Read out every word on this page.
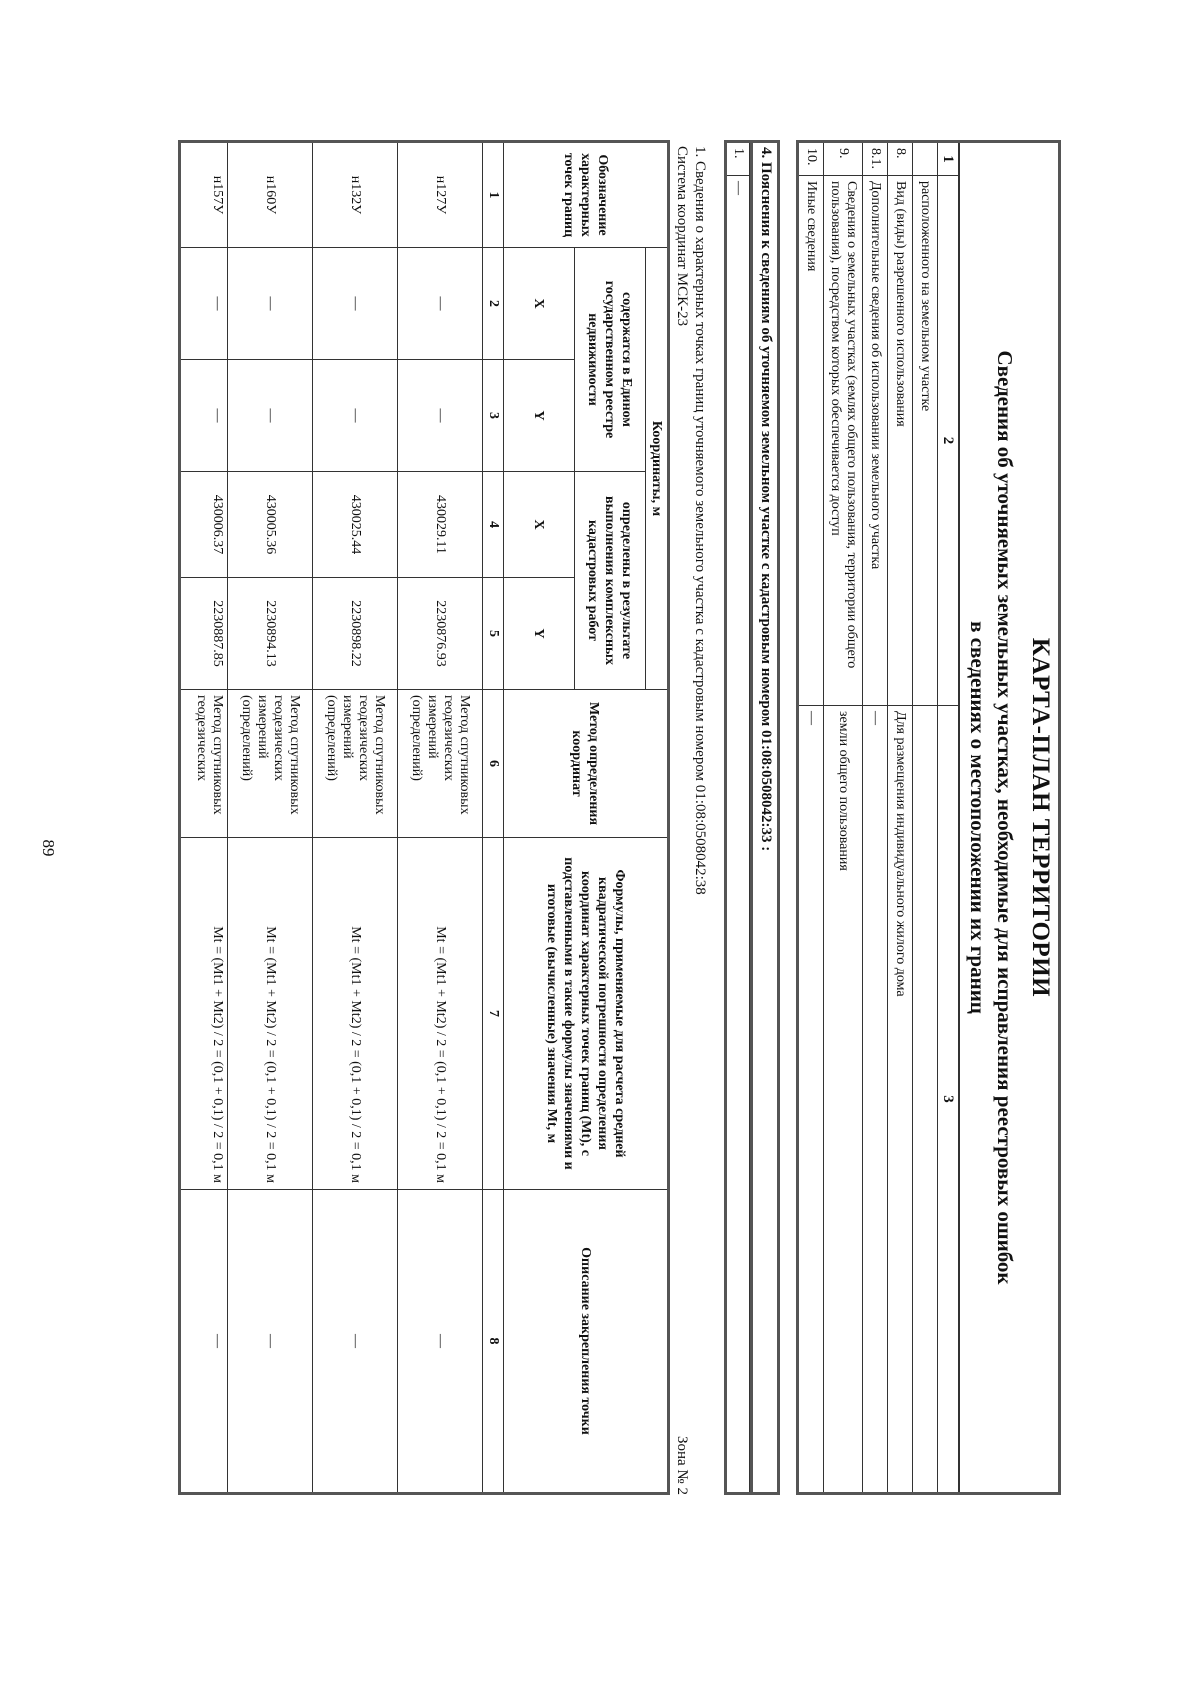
89	КАРТА-ПЛАН ТЕРРИТОРИИ

Сведения об уточняемых земельных участках, необходимые для исправления реестровых ошибок
в сведениях о местоположении их границ
1	2	3
	расположенного на земельном участке	
8.	Вид (виды) разрешенного использования	Для размещения индивидуального жилого дома
8.1.	Дополнительные сведения об использовании земельного участка	—
9.	Сведения о земельных участках (землях общего пользования, территории общего пользования), посредством которых обеспечивается доступ	земли общего пользования
10.	Иные сведения	—
4. Пояснения к сведениям об уточняемом земельном участке с кадастровым номером 01:08:0508042:33 :
1.	—
1. Сведения о характерных точках границ уточняемого земельного участка с кадастровым номером 01:08:0508042:38
Система координат МСК-23
Зона № 2
Обозначение характерных точек границ	Координаты, м				Метод определения координат	Формулы, применяемые для расчета средней квадратической погрешности определения координат характерных точек границ (Mt), с подставленными в такие формулы значениями и итоговые (вычисленные) значения Mt, м	Описание закрепления точки
	содержатся в Едином государственном реестре недвижимости		определены в результате выполнения комплексных кадастровых работ				
	X	Y	X	Y			
1	2	3	4	5	6	7	8
н127У	—	—	430029.11	2230876.93	Метод спутниковых геодезических измерений (определений)	Mt = (Mt1 + Mt2) / 2 = (0,1 + 0,1) / 2 = 0,1 м	—
н132У	—	—	430025.44	2230898.22	Метод спутниковых геодезических измерений (определений)	Mt = (Mt1 + Mt2) / 2 = (0,1 + 0,1) / 2 = 0,1 м	—
н160У	—	—	430005.36	2230894.13	Метод спутниковых геодезических измерений (определений)	Mt = (Mt1 + Mt2) / 2 = (0,1 + 0,1) / 2 = 0,1 м	—
н157У	—	—	430006.37	2230887.85	Метод спутниковых геодезических	Mt = (Mt1 + Mt2) / 2 = (0,1 + 0,1) / 2 = 0,1 м	—
